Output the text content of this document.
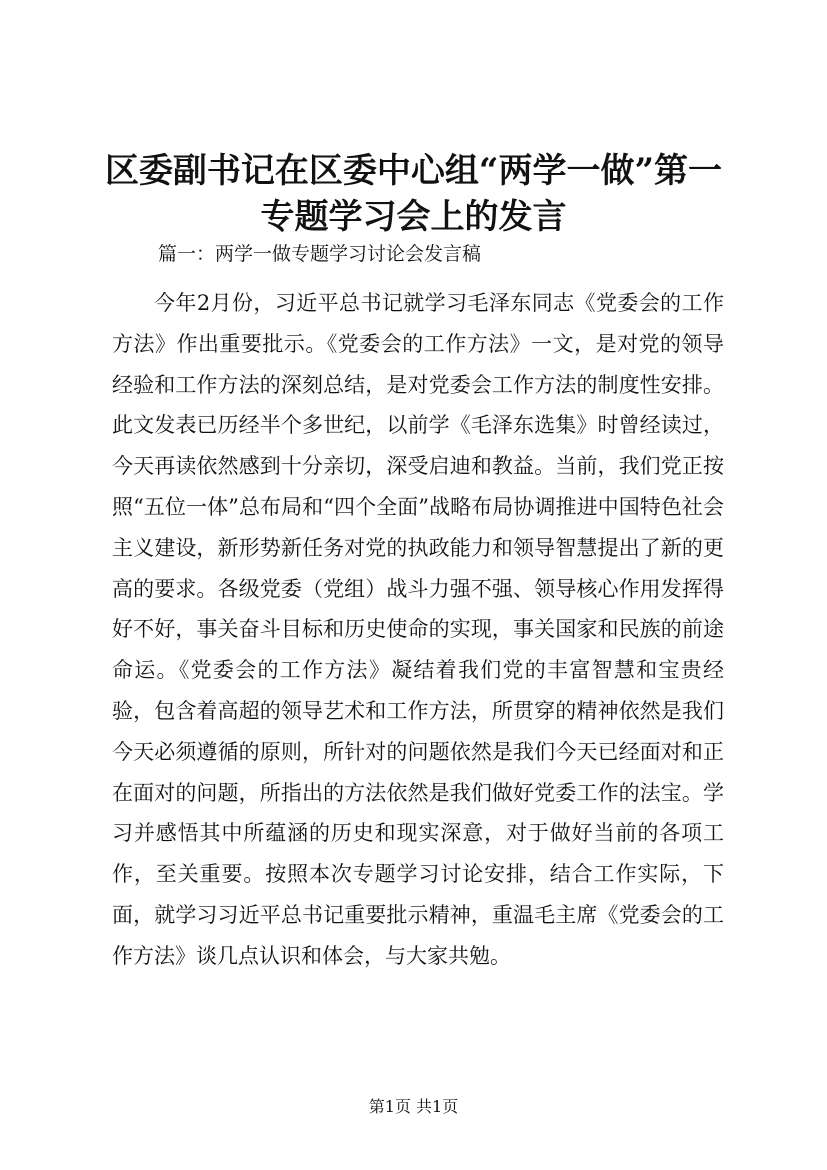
区委副书记在区委中心组“两学一做”第一专题学习会上的发言

篇一：两学一做专题学习讨论会发言稿

今年2月份，习近平总书记就学习毛泽东同志《党委会的工作方法》作出重要批示。《党委会的工作方法》一文，是对党的领导经验和工作方法的深刻总结，是对党委会工作方法的制度性安排。此文发表已历经半个多世纪，以前学《毛泽东选集》时曾经读过，今天再读依然感到十分亲切，深受启迪和教益。当前，我们党正按照“五位一体”总布局和“四个全面”战略布局协调推进中国特色社会主义建设，新形势新任务对党的执政能力和领导智慧提出了新的更高的要求。各级党委（党组）战斗力强不强、领导核心作用发挥得好不好，事关奋斗目标和历史使命的实现，事关国家和民族的前途命运。《党委会的工作方法》凝结着我们党的丰富智慧和宝贵经验，包含着高超的领导艺术和工作方法，所贯穿的精神依然是我们今天必须遵循的原则，所针对的问题依然是我们今天已经面对和正在面对的问题，所指出的方法依然是我们做好党委工作的法宝。学习并感悟其中所蕴涵的历史和现实深意，对于做好当前的各项工作，至关重要。按照本次专题学习讨论安排，结合工作实际，下面，就学习习近平总书记重要批示精神，重温毛主席《党委会的工作方法》谈几点认识和体会，与大家共勉。

第1页 共1页
